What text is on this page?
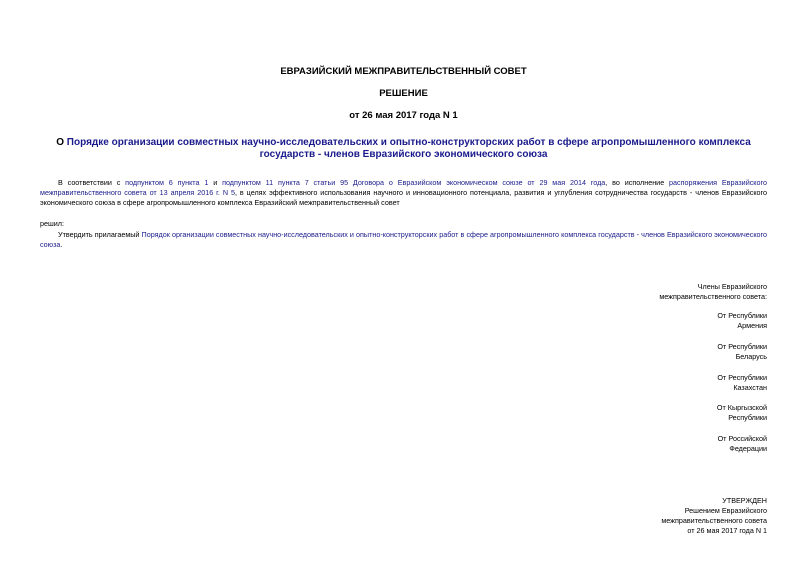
ЕВРАЗИЙСКИЙ МЕЖПРАВИТЕЛЬСТВЕННЫЙ СОВЕТ
РЕШЕНИЕ
от 26 мая 2017 года N 1
О Порядке организации совместных научно-исследовательских и опытно-конструкторских работ в сфере агропромышленного комплекса государств - членов Евразийского экономического союза
В соответствии с подпунктом 6 пункта 1 и подпунктом 11 пункта 7 статьи 95 Договора о Евразийском экономическом союзе от 29 мая 2014 года, во исполнение распоряжения Евразийского межправительственного совета от 13 апреля 2016 г. N 5, в целях эффективного использования научного и инновационного потенциала, развития и углубления сотрудничества государств - членов Евразийского экономического союза в сфере агропромышленного комплекса Евразийский межправительственный совет
решил:
Утвердить прилагаемый Порядок организации совместных научно-исследовательских и опытно-конструкторских работ в сфере агропромышленного комплекса государств - членов Евразийского экономического союза.
Члены Евразийского
межправительственного совета:
От Республики
Армения
От Республики
Беларусь
От Республики
Казахстан
От Кыргызской
Республики
От Российской
Федерации
УТВЕРЖДЕН
Решением Евразийского
межправительственного совета
от 26 мая 2017 года N 1
